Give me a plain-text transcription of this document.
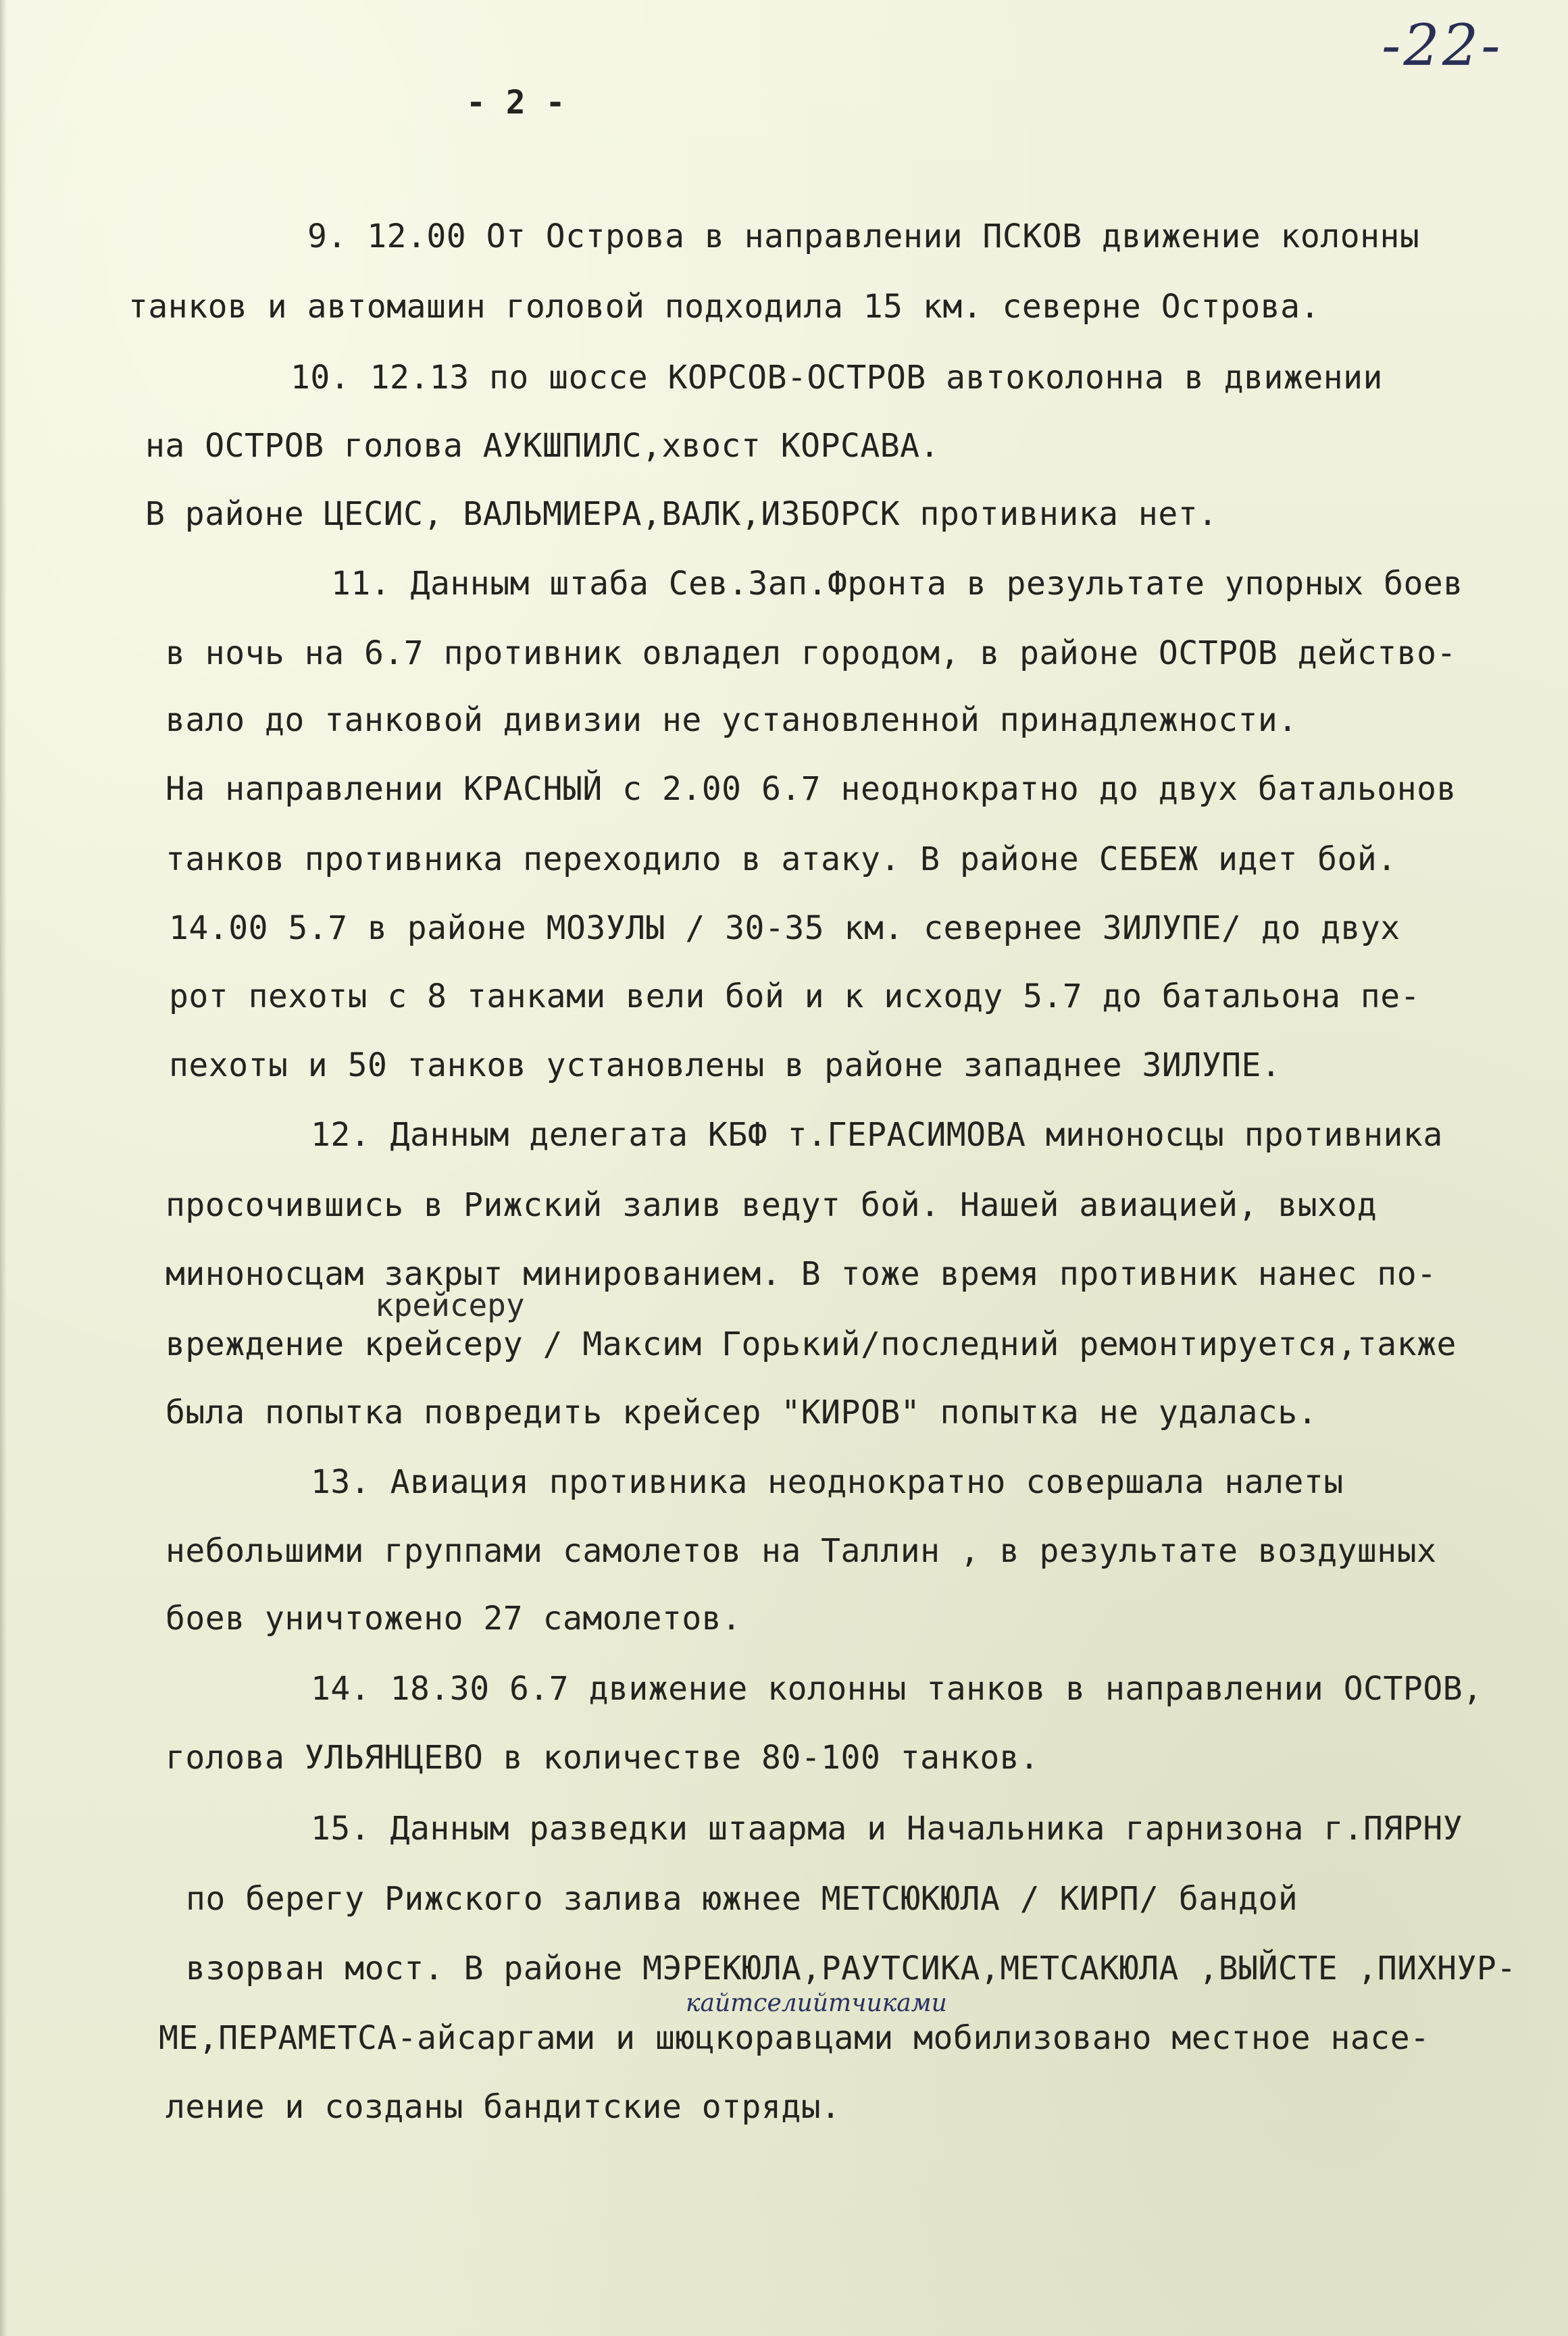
-22-
- 2 -
9. 12.00 От Острова в направлении ПСКОВ движение колонны
танков и автомашин головой подходила 15 км. северне Острова.
10. 12.13 по шоссе КОРСОВ-ОСТРОВ автоколонна в движении
на ОСТРОВ голова АУКШПИЛС,хвост КОРСАВА.
В районе ЦЕСИС, ВАЛЬМИЕРА,ВАЛК,ИЗБОРСК противника нет.
11. Данным штаба Сев.Зап.Фронта в результате упорных боев
в ночь на 6.7 противник овладел городом, в районе ОСТРОВ действо-
вало до танковой дивизии не установленной принадлежности.
На направлении КРАСНЫЙ с 2.00 6.7 неоднократно до двух батальонов
танков противника переходило в атаку. В районе СЕБЕЖ идет бой.
14.00 5.7 в районе МОЗУЛЫ / 30-35 км. севернее ЗИЛУПЕ/ до двух
рот пехоты с 8 танками вели бой и к исходу 5.7 до батальона пе-
пехоты и 50 танков установлены в районе западнее ЗИЛУПЕ.
12. Данным делегата КБФ т.ГЕРАСИМОВА миноносцы противника
просочившись в Рижский залив ведут бой. Нашей авиацией, выход
миноносцам закрыт минированием. В тоже время противник нанес по-
крейсеру
вреждение крейсеру / Максим Горький/последний ремонтируется,также
была попытка повредить крейсер "КИРОВ" попытка не удалась.
13. Авиация противника неоднократно совершала налеты
небольшими группами самолетов на Таллин , в результате воздушных
боев уничтожено 27 самолетов.
14. 18.30 6.7 движение колонны танков в направлении ОСТРОВ,
голова УЛЬЯНЦЕВО в количестве 80-100 танков.
15. Данным разведки штаарма и Начальника гарнизона г.ПЯРНУ
по берегу Рижского залива южнее МЕТСЮКЮЛА / КИРП/ бандой
взорван мост. В районе МЭРЕКЮЛА,РАУТСИКА,МЕТСАКЮЛА ,ВЫЙСТЕ ,ПИХНУР-
кайтселийтчиками
МЕ,ПЕРАМЕТСА-айсаргами и шюцкоравцами мобилизовано местное насе-
ление и созданы бандитские отряды.
